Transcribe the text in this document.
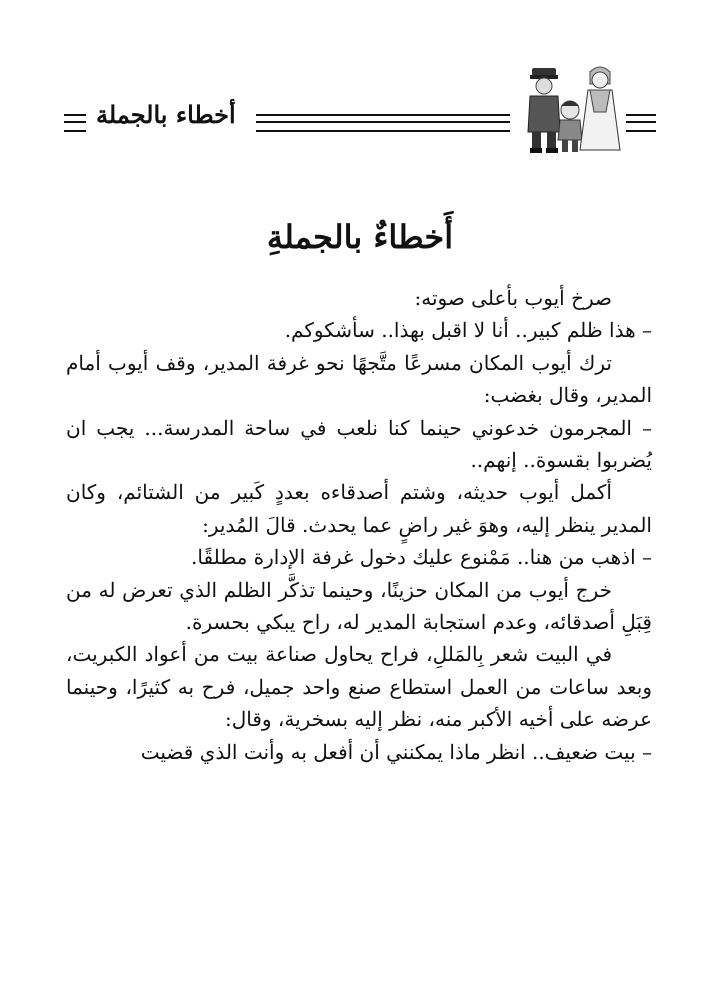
أخطاء بالجملة
أَخطاءٌ بالجملةِ

صرخ أيوب بأعلى صوته:

– هذا ظلم كبير.. أنا لا اقبل بهذا.. سأشكوكم.

ترك أيوب المكان مسرعًا متَّجهًا نحو غرفة المدير، وقف أيوب أمام المدير، وقال بغضب:

– المجرمون خدعوني حينما كنا نلعب في ساحة المدرسة... يجب ان يُضربوا بقسوة.. إنهم..

أكمل أيوب حديثه، وشتم أصدقاءه بعددٍ كَبير من الشتائم، وكان المدير ينظر إليه، وهوَ غير راضٍ عما يحدث. قالَ المُدير:

– اذهب من هنا.. مَمْنوع عليك دخول غرفة الإدارة مطلقًا.

خرج أيوب من المكان حزينًا، وحينما تذكَّر الظلم الذي تعرض له من قِبَلِ أصدقائه، وعدم استجابة المدير له، راح يبكي بحسرة.

في البيت شعر بِالمَللِ، فراح يحاول صناعة بيت من أعواد الكبريت، وبعد ساعات من العمل استطاع صنع واحد جميل، فرح به كثيرًا، وحينما عرضه على أخيه الأكبر منه، نظر إليه بسخرية، وقال:

– بيت ضعيف.. انظر ماذا يمكنني أن أفعل به وأنت الذي قضيت
